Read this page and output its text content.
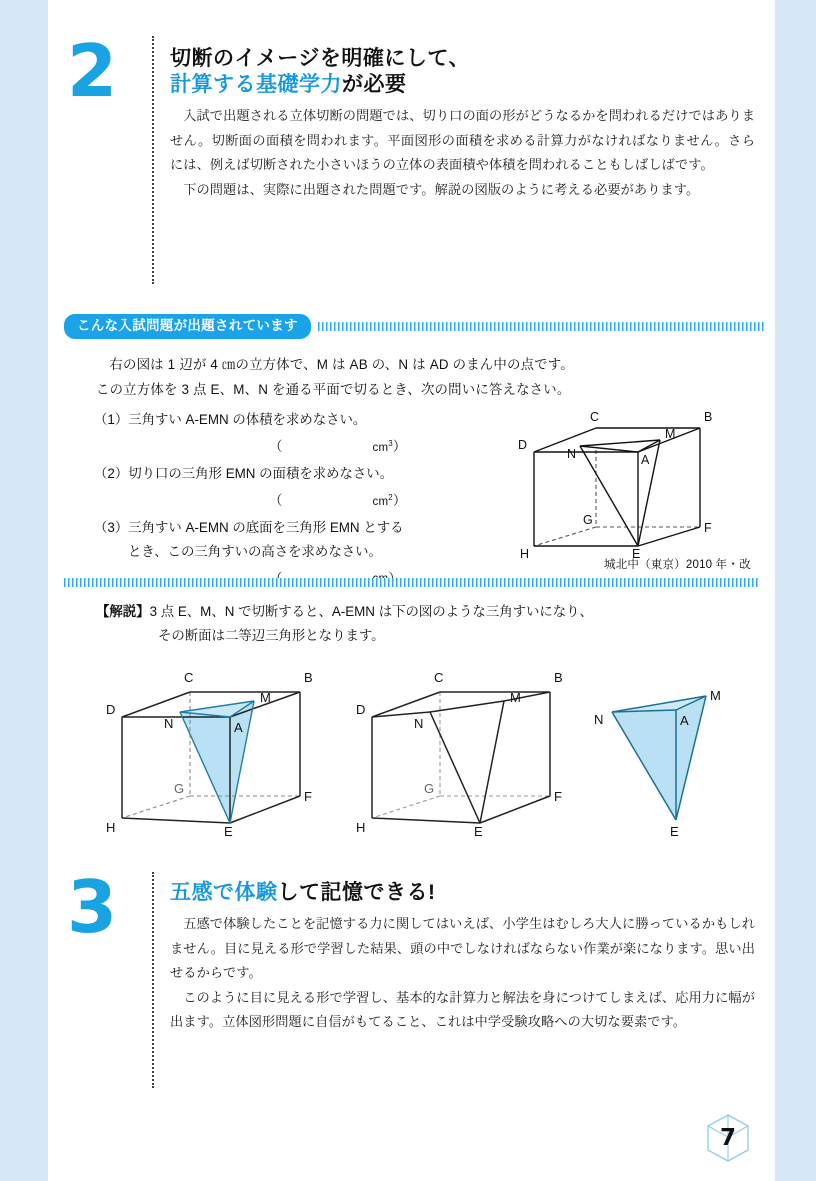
2	切断のイメージを明確にして、
計算する基礎学力が必要

入試で出題される立体切断の問題では、切り口の面の形がどうなるかを問われるだけではありません。切断面の面積を問われます。平面図形の面積を求める計算力がなければなりません。さらには、例えば切断された小さいほうの立体の表面積や体積を問われることもしばしばです。

下の問題は、実際に出題された問題です。解説の図版のように考える必要があります。

こんな入試問題が出題されています
右の図は 1 辺が 4 ㎝の立方体で、M は AB の、N は AD のまん中の点です。
この立方体を 3 点 E、M、N を通る平面で切るとき、次の問いに答えなさい。
（1）三角すい A-EMN の体積を求めなさい。
（	$cm^3$）
（2）切り口の三角形 EMN の面積を求めなさい。
（	$cm^2$）
（3）三角すい A-EMN の底面を三角形 EMN とする
とき、この三角すいの高さを求めなさい。
C	B
D
A
M
N
G
F
H	E
城北中（東京）2010 年・改
【解説】3 点 E、M、N で切断すると、A-EMN は下の図のような三角すいになり、
その断面は二等辺三角形となります。
C	B
D
A
M
N
G
F
H	E
C	B
D
M
N
G
F
H	E
N
M
A
E
3	五感で体験して記憶できる!

五感で体験したことを記憶する力に関してはいえば、小学生はむしろ大人に勝っているかもしれません。目に見える形で学習した結果、頭の中でしなければならない作業が楽になります。思い出せるからです。

このように目に見える形で学習し、基本的な計算力と解法を身につけてしまえば、応用力に幅が出ます。立体図形問題に自信がもてること、これは中学受験攻略への大切な要素です。

7
